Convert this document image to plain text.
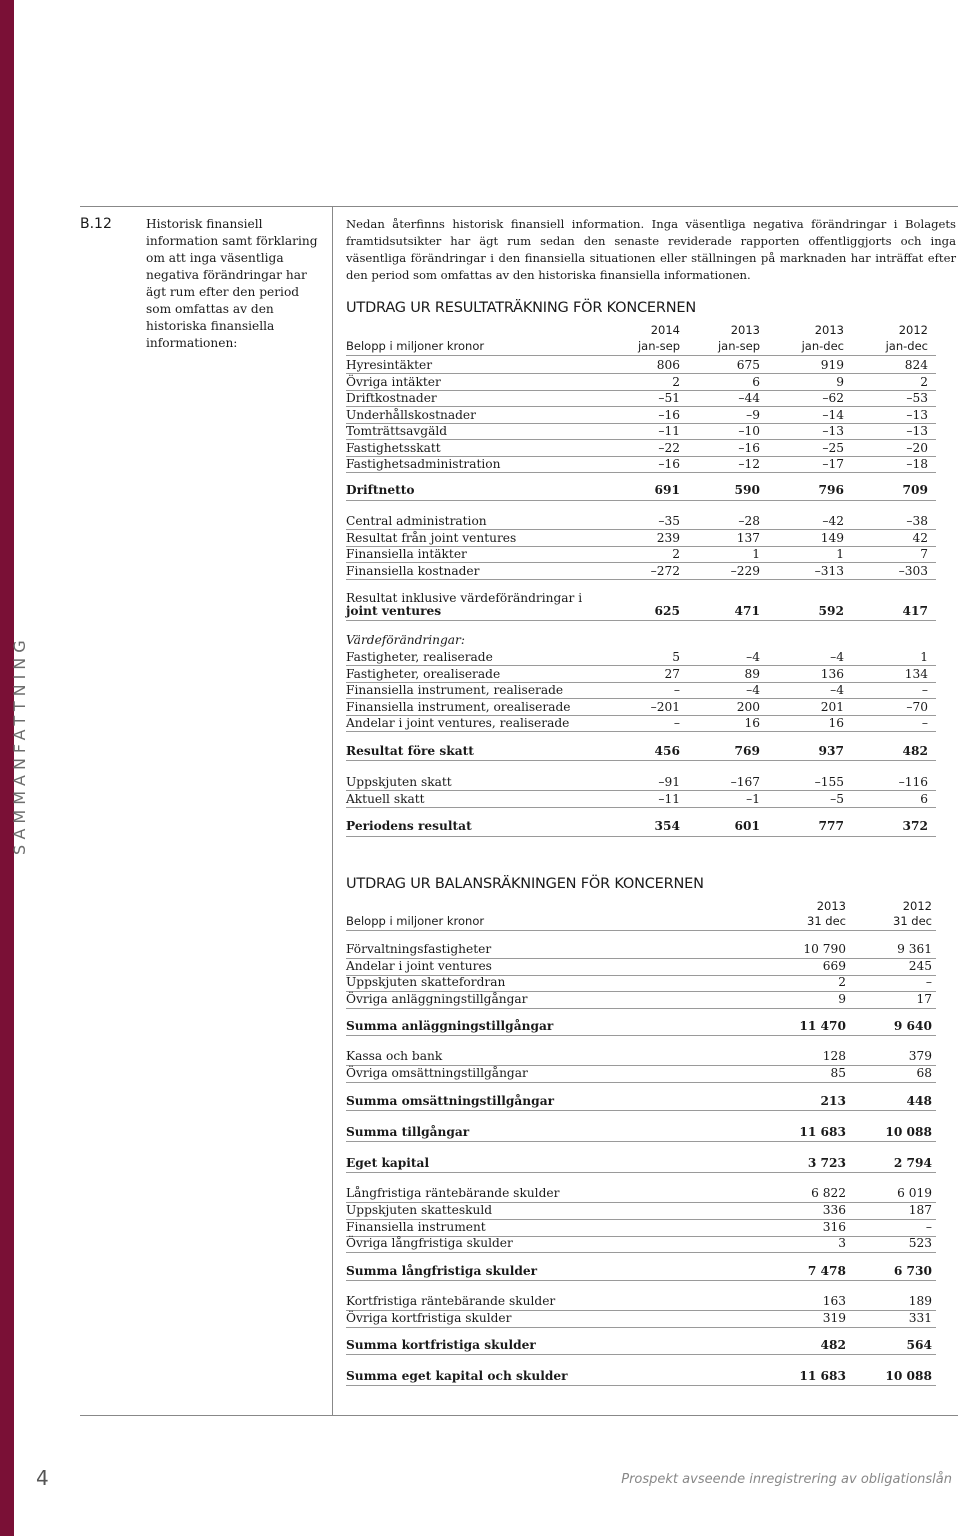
SAMMANFATTNING
B.12	Historisk finansiell information samt förklaring om att inga väsentliga negativa förändringar har ägt rum efter den period som omfattas av den historiska finansiella informationen:
Nedan återfinns historisk finansiell information. Inga väsentliga negativa förändringar i Bolagets framtidsutsikter har ägt rum sedan den senaste reviderade rapporten offentliggjorts och inga väsentliga förändringar i den finansiella situationen eller ställningen på marknaden har inträffat efter den period som omfattas av den historiska finansiella informationen.
UTDRAG UR RESULTATRÄKNING FÖR KONCERNEN
2014	2013	2013	2012
Belopp i miljoner kronor	jan-sep	jan-sep	jan-dec	jan-dec
Hyresintäkter	806	675	919	824
Övriga intäkter	2	6	9	2
Driftkostnader	–51	–44	–62	–53
Underhållskostnader	–16	–9	–14	–13
Tomträttsavgäld	–11	–10	–13	–13
Fastighetsskatt	–22	–16	–25	–20
Fastighetsadministration	–16	–12	–17	–18
Driftnetto	691	590	796	709
Central administration	–35	–28	–42	–38
Resultat från joint ventures	239	137	149	42
Finansiella intäkter	2	1	1	7
Finansiella kostnader	–272	–229	–313	–303
Resultat inklusive värdeförändringar i
joint ventures	625	471	592	417
Värdeförändringar:
Fastigheter, realiserade	5	–4	–4	1
Fastigheter, orealiserade	27	89	136	134
Finansiella instrument, realiserade	–	–4	–4	–
Finansiella instrument, orealiserade	–201	200	201	–70
Andelar i joint ventures, realiserade	–	16	16	–
Resultat före skatt	456	769	937	482
Uppskjuten skatt	–91	–167	–155	–116
Aktuell skatt	–11	–1	–5	6
Periodens resultat	354	601	777	372
UTDRAG UR BALANSRÄKNINGEN FÖR KONCERNEN
2013	2012
Belopp i miljoner kronor	31 dec	31 dec
Förvaltningsfastigheter	10 790	9 361
Andelar i joint ventures	669	245
Uppskjuten skattefordran	2	–
Övriga anläggningstillgångar	9	17
Summa anläggningstillgångar	11 470	9 640
Kassa och bank	128	379
Övriga omsättningstillgångar	85	68
Summa omsättningstillgångar	213	448
Summa tillgångar	11 683	10 088
Eget kapital	3 723	2 794
Långfristiga räntebärande skulder	6 822	6 019
Uppskjuten skatteskuld	336	187
Finansiella instrument	316	–
Övriga långfristiga skulder	3	523
Summa långfristiga skulder	7 478	6 730
Kortfristiga räntebärande skulder	163	189
Övriga kortfristiga skulder	319	331
Summa kortfristiga skulder	482	564
Summa eget kapital och skulder	11 683	10 088
4	Prospekt avseende inregistrering av obligationslån
